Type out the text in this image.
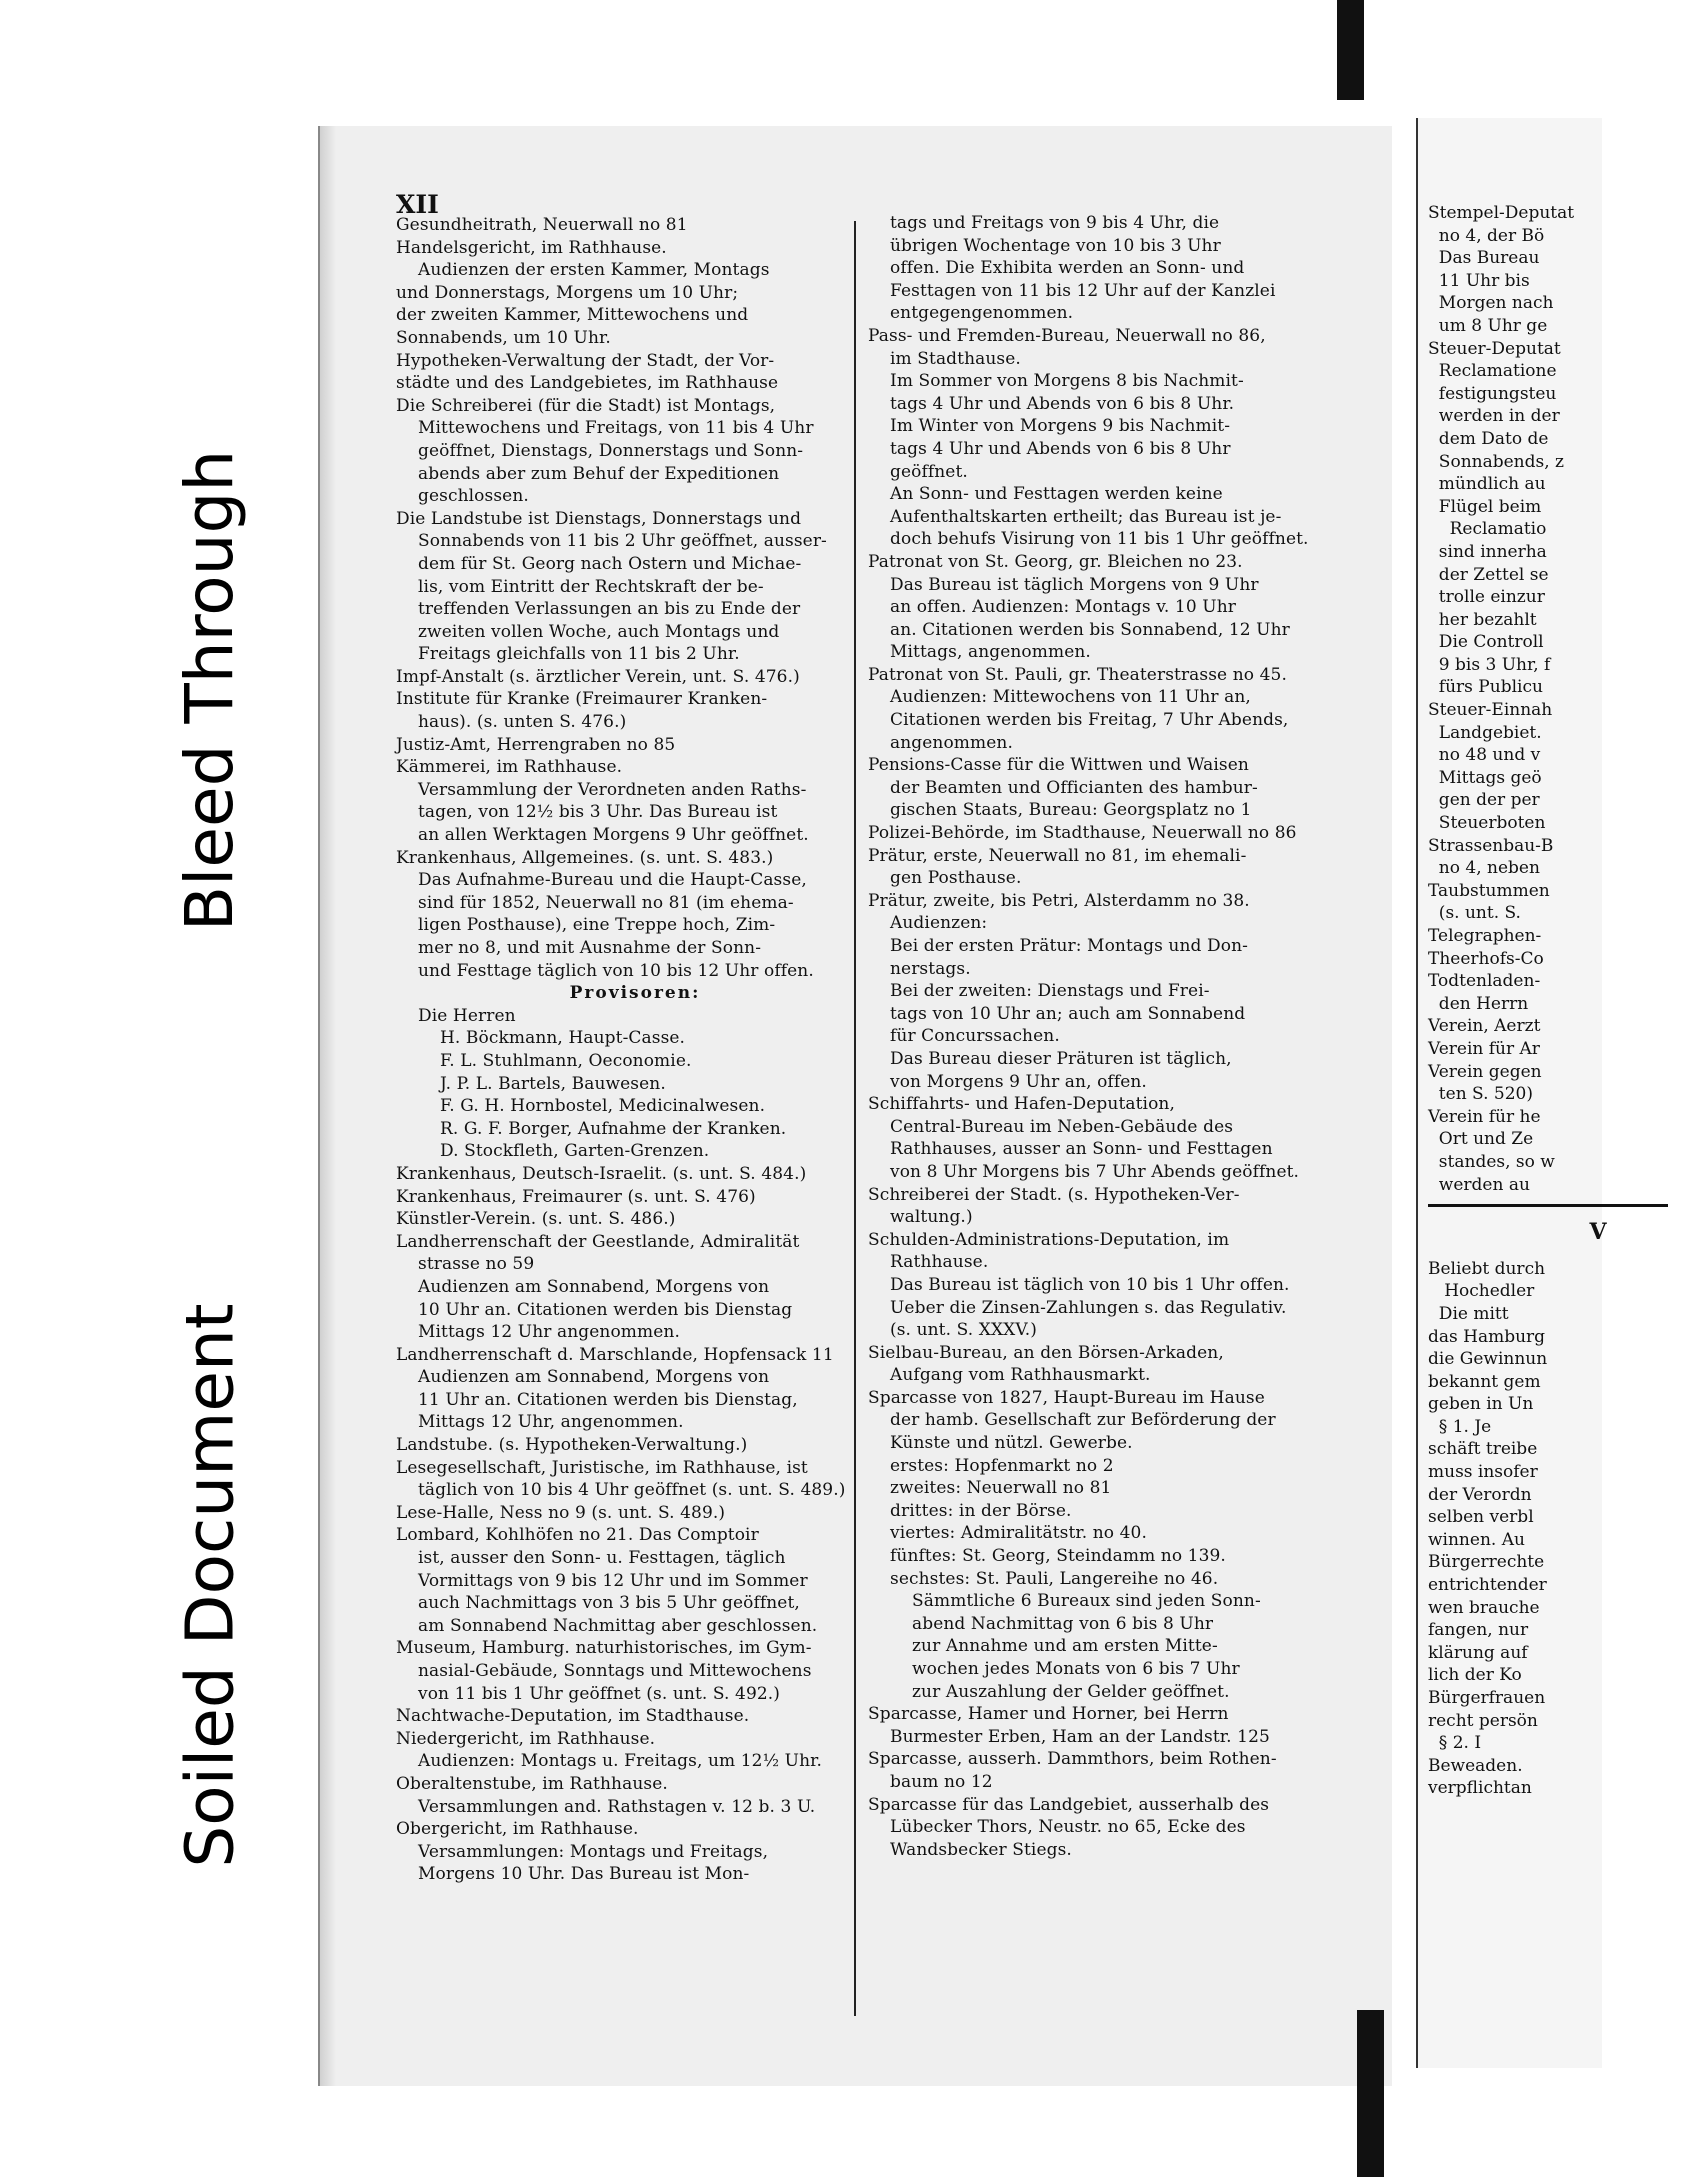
Bleed Through
Soiled Document
XII

Gesundheitrath, Neuerwall no 81

Handelsgericht, im Rathhause.

Audienzen der ersten Kammer, Montags

und Donnerstags, Morgens um 10 Uhr;

der zweiten Kammer, Mittewochens und

Sonnabends, um 10 Uhr.

Hypotheken-Verwaltung der Stadt, der Vor-

städte und des Landgebietes, im Rathhause

Die Schreiberei (für die Stadt) ist Montags,

Mittewochens und Freitags, von 11 bis 4 Uhr

geöffnet, Dienstags, Donnerstags und Sonn-

abends aber zum Behuf der Expeditionen

geschlossen.

Die Landstube ist Dienstags, Donnerstags und

Sonnabends von 11 bis 2 Uhr geöffnet, ausser-

dem für St. Georg nach Ostern und Michae-

lis, vom Eintritt der Rechtskraft der be-

treffenden Verlassungen an bis zu Ende der

zweiten vollen Woche, auch Montags und

Freitags gleichfalls von 11 bis 2 Uhr.

Impf-Anstalt (s. ärztlicher Verein, unt. S. 476.)

Institute für Kranke (Freimaurer Kranken-

haus). (s. unten S. 476.)

Justiz-Amt, Herrengraben no 85

Kämmerei, im Rathhause.

Versammlung der Verordneten anden Raths-

tagen, von 12½ bis 3 Uhr. Das Bureau ist

an allen Werktagen Morgens 9 Uhr geöffnet.

Krankenhaus, Allgemeines. (s. unt. S. 483.)

Das Aufnahme-Bureau und die Haupt-Casse,

sind für 1852, Neuerwall no 81 (im ehema-

ligen Posthause), eine Treppe hoch, Zim-

mer no 8, und mit Ausnahme der Sonn-

und Festtage täglich von 10 bis 12 Uhr offen.

Provisoren:

Die Herren

H. Böckmann, Haupt-Casse.

F. L. Stuhlmann, Oeconomie.

J. P. L. Bartels, Bauwesen.

F. G. H. Hornbostel, Medicinalwesen.

R. G. F. Borger, Aufnahme der Kranken.

D. Stockfleth, Garten-Grenzen.

Krankenhaus, Deutsch-Israelit. (s. unt. S. 484.)

Krankenhaus, Freimaurer (s. unt. S. 476)

Künstler-Verein. (s. unt. S. 486.)

Landherrenschaft der Geestlande, Admiralität

strasse no 59

Audienzen am Sonnabend, Morgens von

10 Uhr an. Citationen werden bis Dienstag

Mittags 12 Uhr angenommen.

Landherrenschaft d. Marschlande, Hopfensack 11

Audienzen am Sonnabend, Morgens von

11 Uhr an. Citationen werden bis Dienstag,

Mittags 12 Uhr, angenommen.

Landstube. (s. Hypotheken-Verwaltung.)

Lesegesellschaft, Juristische, im Rathhause, ist

täglich von 10 bis 4 Uhr geöffnet (s. unt. S. 489.)

Lese-Halle, Ness no 9 (s. unt. S. 489.)

Lombard, Kohlhöfen no 21. Das Comptoir

ist, ausser den Sonn- u. Festtagen, täglich

Vormittags von 9 bis 12 Uhr und im Sommer

auch Nachmittags von 3 bis 5 Uhr geöffnet,

am Sonnabend Nachmittag aber geschlossen.

Museum, Hamburg. naturhistorisches, im Gym-

nasial-Gebäude, Sonntags und Mittewochens

von 11 bis 1 Uhr geöffnet (s. unt. S. 492.)

Nachtwache-Deputation, im Stadthause.

Niedergericht, im Rathhause.

Audienzen: Montags u. Freitags, um 12½ Uhr.

Oberaltenstube, im Rathhause.

Versammlungen and. Rathstagen v. 12 b. 3 U.

Obergericht, im Rathhause.

Versammlungen: Montags und Freitags,

Morgens 10 Uhr. Das Bureau ist Mon-

tags und Freitags von 9 bis 4 Uhr, die

übrigen Wochentage von 10 bis 3 Uhr

offen. Die Exhibita werden an Sonn- und

Festtagen von 11 bis 12 Uhr auf der Kanzlei

entgegengenommen.

Pass- und Fremden-Bureau, Neuerwall no 86,

im Stadthause.

Im Sommer von Morgens 8 bis Nachmit-

tags 4 Uhr und Abends von 6 bis 8 Uhr.

Im Winter von Morgens 9 bis Nachmit-

tags 4 Uhr und Abends von 6 bis 8 Uhr

geöffnet.

An Sonn- und Festtagen werden keine

Aufenthaltskarten ertheilt; das Bureau ist je-

doch behufs Visirung von 11 bis 1 Uhr geöffnet.

Patronat von St. Georg, gr. Bleichen no 23.

Das Bureau ist täglich Morgens von 9 Uhr

an offen. Audienzen: Montags v. 10 Uhr

an. Citationen werden bis Sonnabend, 12 Uhr

Mittags, angenommen.

Patronat von St. Pauli, gr. Theaterstrasse no 45.

Audienzen: Mittewochens von 11 Uhr an,

Citationen werden bis Freitag, 7 Uhr Abends,

angenommen.

Pensions-Casse für die Wittwen und Waisen

der Beamten und Officianten des hambur-

gischen Staats, Bureau: Georgsplatz no 1

Polizei-Behörde, im Stadthause, Neuerwall no 86

Prätur, erste, Neuerwall no 81, im ehemali-

gen Posthause.

Prätur, zweite, bis Petri, Alsterdamm no 38.

Audienzen:

Bei der ersten Prätur: Montags und Don-

nerstags.

Bei der zweiten: Dienstags und Frei-

tags von 10 Uhr an; auch am Sonnabend

für Concurssachen.

Das Bureau dieser Präturen ist täglich,

von Morgens 9 Uhr an, offen.

Schiffahrts- und Hafen-Deputation,

Central-Bureau im Neben-Gebäude des

Rathhauses, ausser an Sonn- und Festtagen

von 8 Uhr Morgens bis 7 Uhr Abends geöffnet.

Schreiberei der Stadt. (s. Hypotheken-Ver-

waltung.)

Schulden-Administrations-Deputation, im

Rathhause.

Das Bureau ist täglich von 10 bis 1 Uhr offen.

Ueber die Zinsen-Zahlungen s. das Regulativ.

(s. unt. S. XXXV.)

Sielbau-Bureau, an den Börsen-Arkaden,

Aufgang vom Rathhausmarkt.

Sparcasse von 1827, Haupt-Bureau im Hause

der hamb. Gesellschaft zur Beförderung der

Künste und nützl. Gewerbe.

erstes: Hopfenmarkt no 2

zweites: Neuerwall no 81

drittes: in der Börse.

viertes: Admiralitätstr. no 40.

fünftes: St. Georg, Steindamm no 139.

sechstes: St. Pauli, Langereihe no 46.

Sämmtliche 6 Bureaux sind jeden Sonn-

abend Nachmittag von 6 bis 8 Uhr

zur Annahme und am ersten Mitte-

wochen jedes Monats von 6 bis 7 Uhr

zur Auszahlung der Gelder geöffnet.

Sparcasse, Hamer und Horner, bei Herrn

Burmester Erben, Ham an der Landstr. 125

Sparcasse, ausserh. Dammthors, beim Rothen-

baum no 12

Sparcasse für das Landgebiet, ausserhalb des

Lübecker Thors, Neustr. no 65, Ecke des

Wandsbecker Stiegs.

Stempel-Deputat

no 4, der Bö

Das Bureau

11 Uhr bis

Morgen nach

um 8 Uhr ge

Steuer-Deputat

Reclamatione

festigungsteu

werden in der

dem Dato de

Sonnabends, z

mündlich au

Flügel beim

Reclamatio

sind innerha

der Zettel se

trolle einzur

her bezahlt

Die Controll

9 bis 3 Uhr, f

fürs Publicu

Steuer-Einnah

Landgebiet.

no 48 und v

Mittags geö

gen der per

Steuerboten

Strassenbau-B

no 4, neben

Taubstummen

(s. unt. S.

Telegraphen-

Theerhofs-Co

Todtenladen-

den Herrn

Verein, Aerzt

Verein für Ar

Verein gegen

ten S. 520)

Verein für he

Ort und Ze

standes, so w

werden au

V

Beliebt durch

Hochedler

Die mitt

das Hamburg

die Gewinnun

bekannt gem

geben in Un

§ 1. Je

schäft treibe

muss insofer

der Verordn

selben verbl

winnen. Au

Bürgerrechte

entrichtender

wen brauche

fangen, nur

klärung auf

lich der Ko

Bürgerfrauen

recht persön

§ 2. I

Beweaden.

verpflichtan
